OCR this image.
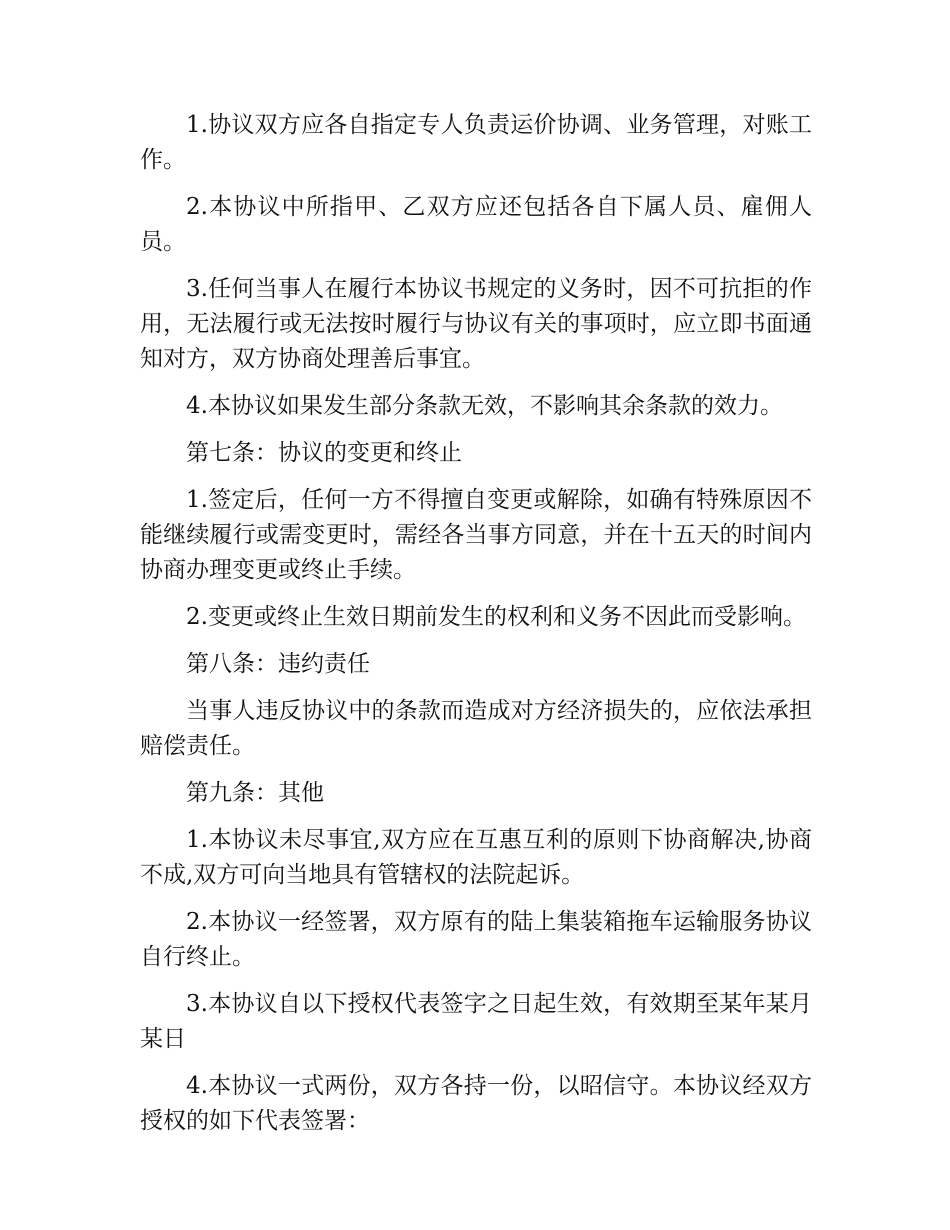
1.协议双方应各自指定专人负责运价协调、业务管理，对账工作。

2.本协议中所指甲、乙双方应还包括各自下属人员、雇佣人员。

3.任何当事人在履行本协议书规定的义务时，因不可抗拒的作用，无法履行或无法按时履行与协议有关的事项时，应立即书面通知对方，双方协商处理善后事宜。

4.本协议如果发生部分条款无效，不影响其余条款的效力。

第七条：协议的变更和终止

1.签定后，任何一方不得擅自变更或解除，如确有特殊原因不能继续履行或需变更时，需经各当事方同意，并在十五天的时间内协商办理变更或终止手续。

2.变更或终止生效日期前发生的权利和义务不因此而受影响。

第八条：违约责任

当事人违反协议中的条款而造成对方经济损失的，应依法承担赔偿责任。

第九条：其他

1.本协议未尽事宜,双方应在互惠互利的原则下协商解决,协商不成,双方可向当地具有管辖权的法院起诉。

2.本协议一经签署，双方原有的陆上集装箱拖车运输服务协议自行终止。

3.本协议自以下授权代表签字之日起生效，有效期至某年某月某日

4.本协议一式两份，双方各持一份，以昭信守。本协议经双方授权的如下代表签署：
